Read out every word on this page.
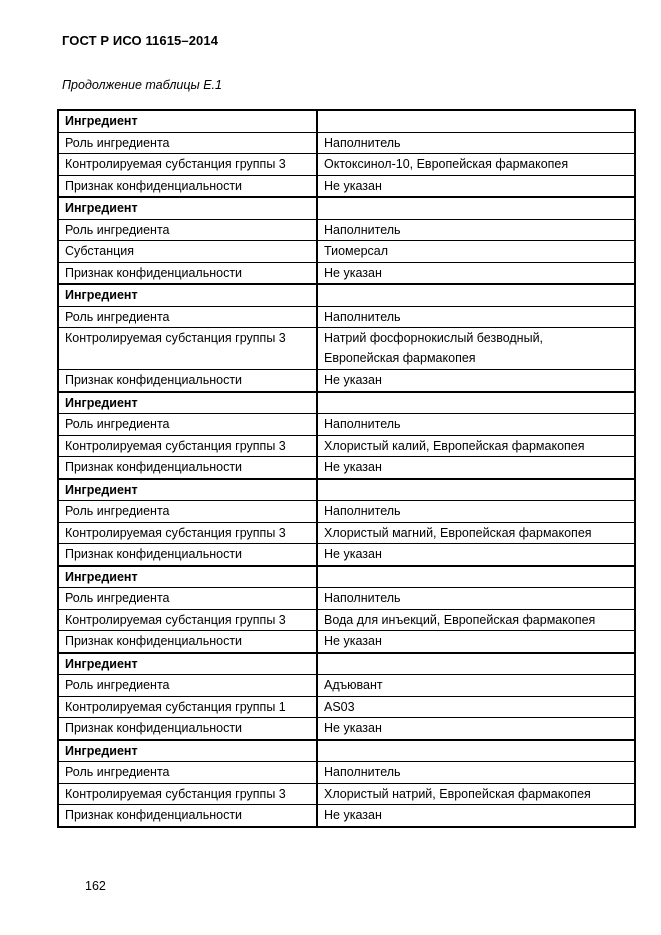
ГОСТ Р ИСО 11615–2014
Продолжение таблицы Е.1
Ингредиент	
Роль ингредиента	Наполнитель
Контролируемая субстанция группы 3	Октоксинол-10, Европейская фармакопея
Признак конфиденциальности	Не указан
Ингредиент	
Роль ингредиента	Наполнитель
Субстанция	Тиомерсал
Признак конфиденциальности	Не указан
Ингредиент	
Роль ингредиента	Наполнитель
Контролируемая субстанция группы 3	Натрий фосфорнокислый безводный,
Европейская фармакопея

Признак конфиденциальности	Не указан
Ингредиент	
Роль ингредиента	Наполнитель
Контролируемая субстанция группы 3	Хлористый калий, Европейская фармакопея
Признак конфиденциальности	Не указан
Ингредиент	
Роль ингредиента	Наполнитель
Контролируемая субстанция группы 3	Хлористый магний, Европейская фармакопея
Признак конфиденциальности	Не указан
Ингредиент	
Роль ингредиента	Наполнитель
Контролируемая субстанция группы 3	Вода для инъекций, Европейская фармакопея
Признак конфиденциальности	Не указан
Ингредиент	
Роль ингредиента	Адъювант
Контролируемая субстанция группы 1	AS03
Признак конфиденциальности	Не указан
Ингредиент	
Роль ингредиента	Наполнитель
Контролируемая субстанция группы 3	Хлористый натрий, Европейская фармакопея
Признак конфиденциальности	Не указан
162
